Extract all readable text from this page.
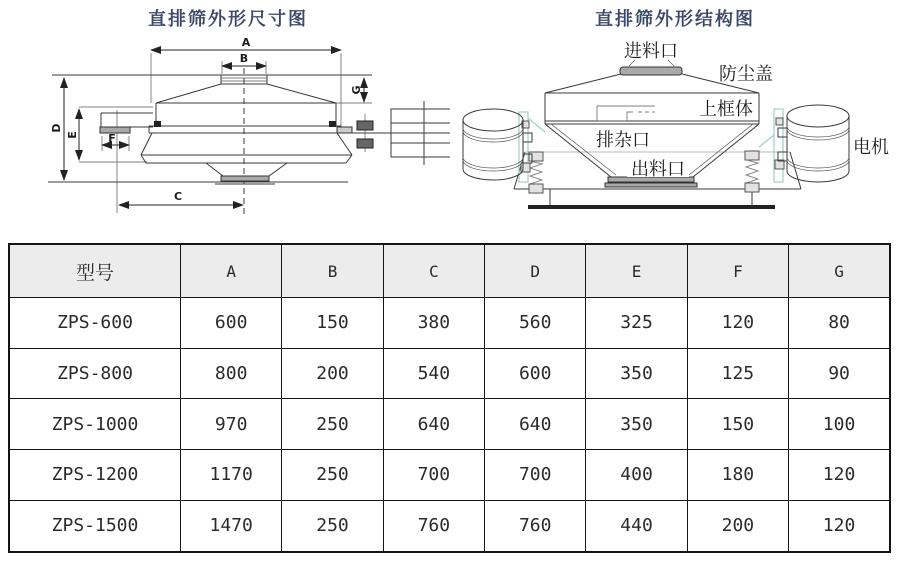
直排筛外形尺寸图	直排筛外形结构图
A
B
C
D
E	F
G
进料口
防尘盖
上框体
排杂口
出料口
电机
型号	A	B	C	D	E	F	G
ZPS-600	600	150	380	560	325	120	80
ZPS-800	800	200	540	600	350	125	90
ZPS-1000	970	250	640	640	350	150	100
ZPS-1200	1170	250	700	700	400	180	120
ZPS-1500	1470	250	760	760	440	200	120
